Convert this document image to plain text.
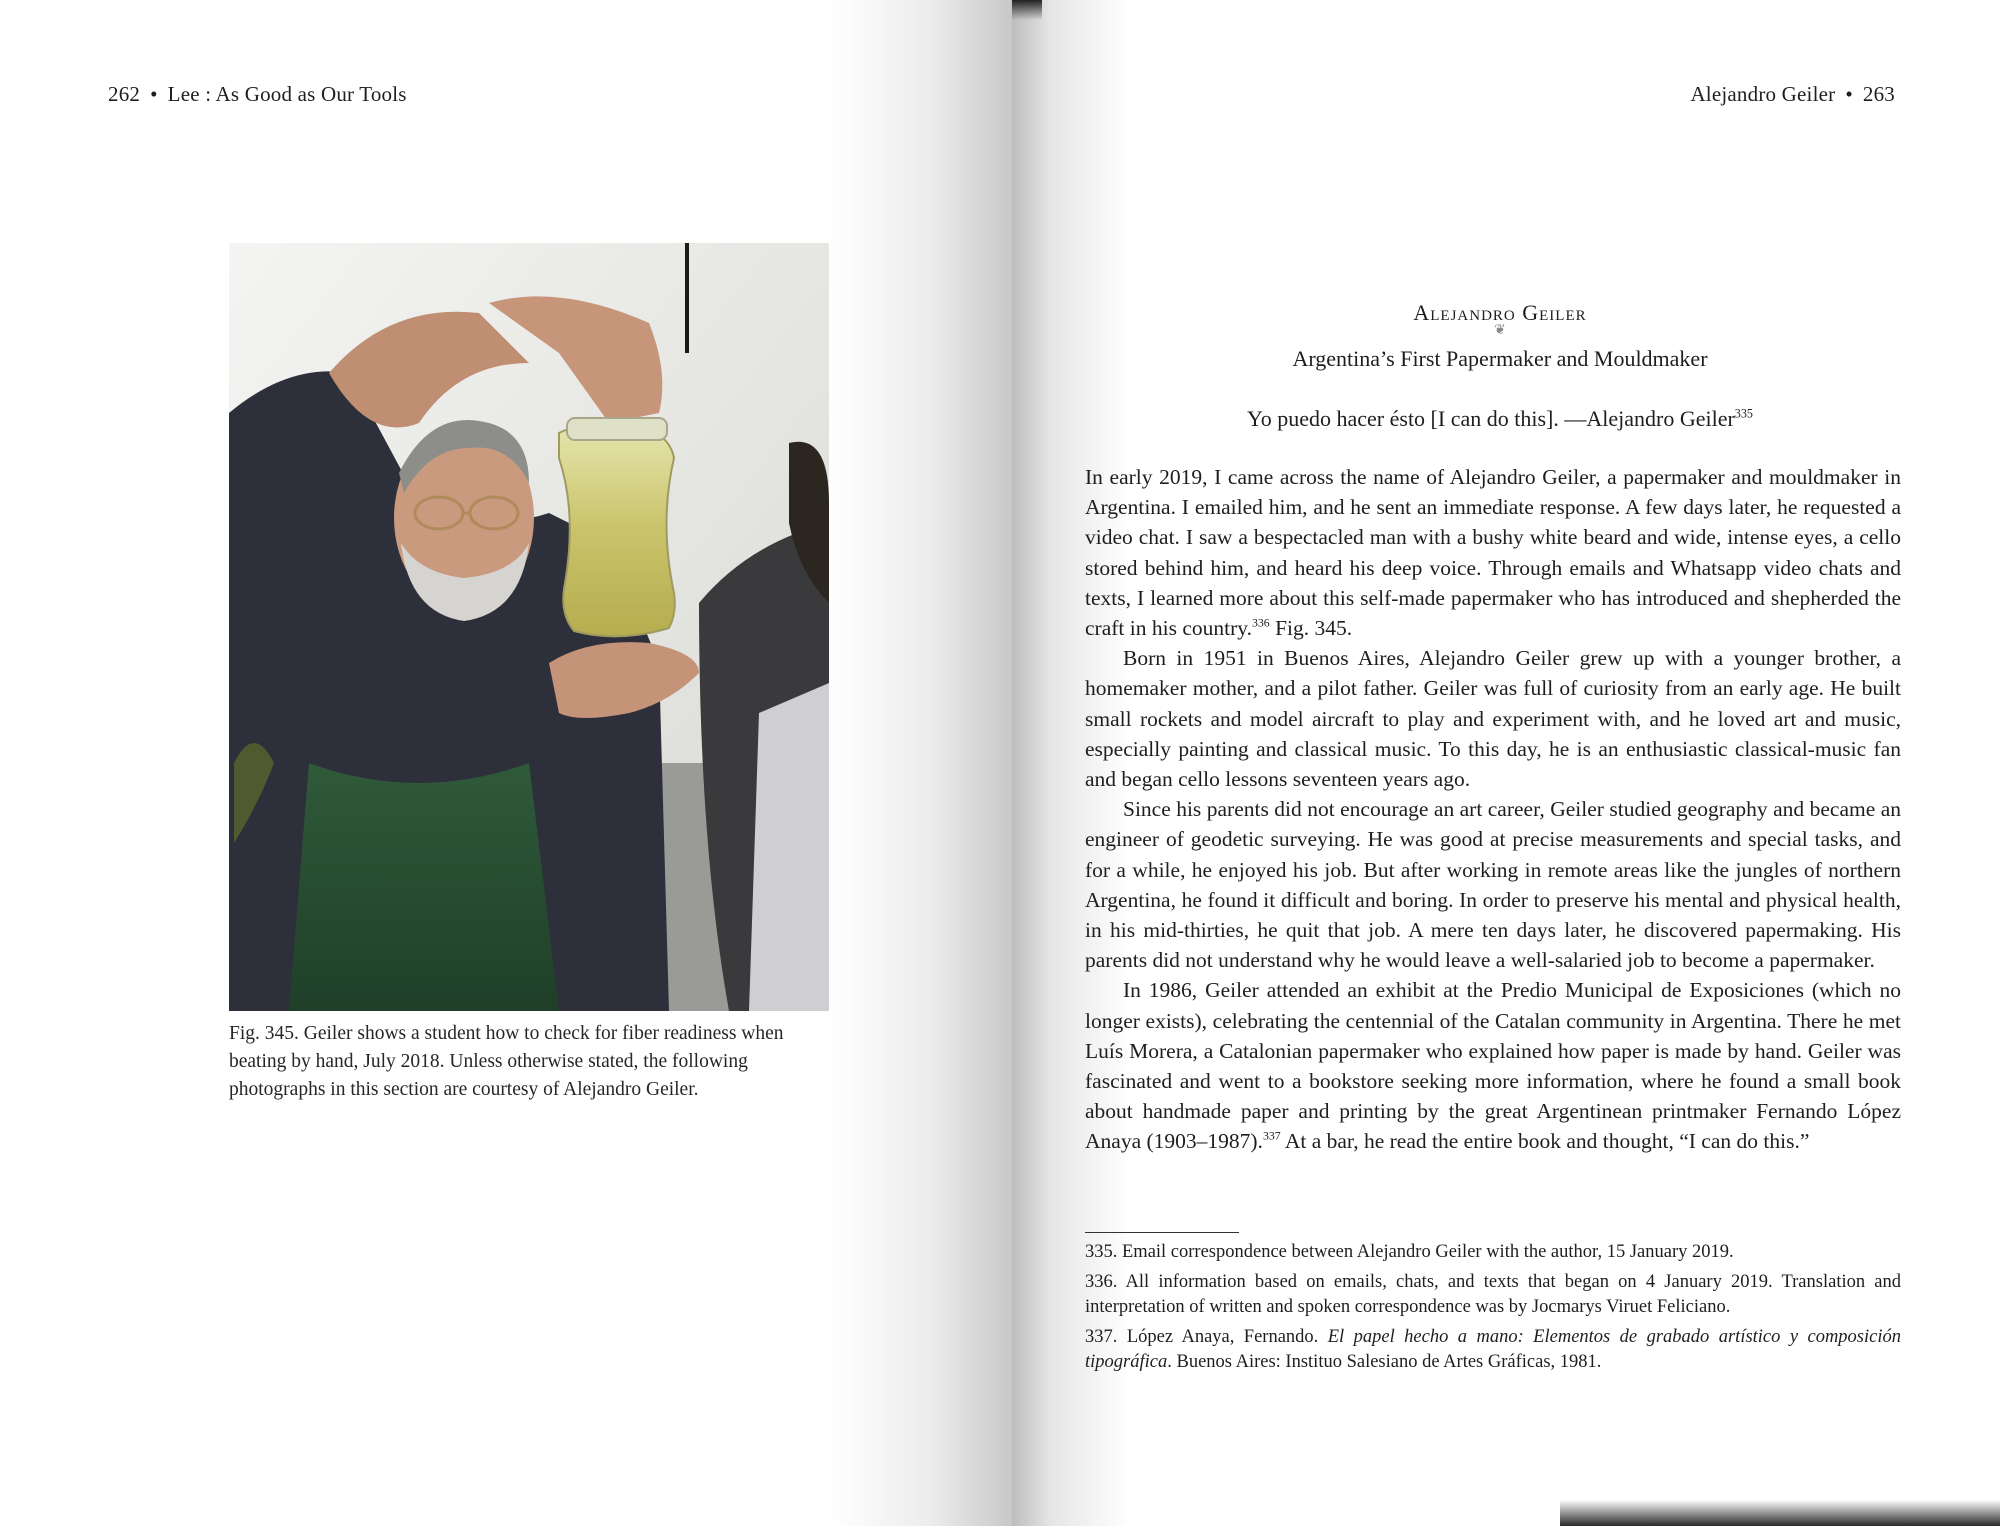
262 • Lee : As Good as Our Tools	Alejandro Geiler • 263
Fig. 345. Geiler shows a student how to check for fiber readiness when beating by hand, July 2018. Unless otherwise stated, the following photographs in this section are courtesy of Alejandro Geiler.
Alejandro Geiler
❦
Argentina’s First Papermaker and Mouldmaker
Yo puedo hacer ésto [I can do this]. —Alejandro Geiler$^{335}$

In early 2019, I came across the name of Alejandro Geiler, a papermaker and mouldmaker in Argentina. I emailed him, and he sent an immediate response. A few days later, he requested a video chat. I saw a bespectacled man with a bushy white beard and wide, intense eyes, a cello stored behind him, and heard his deep voice. Through emails and Whatsapp video chats and texts, I learned more about this self-made papermaker who has introduced and shepherded the craft in his country.$^{336}$ Fig. 345.

Born in 1951 in Buenos Aires, Alejandro Geiler grew up with a younger brother, a homemaker mother, and a pilot father. Geiler was full of curiosity from an early age. He built small rockets and model aircraft to play and experiment with, and he loved art and music, especially painting and classical music. To this day, he is an enthusiastic classical-music fan and began cello lessons seventeen years ago.

Since his parents did not encourage an art career, Geiler studied geography and became an engineer of geodetic surveying. He was good at precise measurements and special tasks, and for a while, he enjoyed his job. But after working in remote areas like the jungles of northern Argentina, he found it difficult and boring. In order to preserve his mental and physical health, in his mid-thirties, he quit that job. A mere ten days later, he discovered papermaking. His parents did not understand why he would leave a well-salaried job to become a papermaker.

In 1986, Geiler attended an exhibit at the Predio Municipal de Exposiciones (which no longer exists), celebrating the centennial of the Catalan community in Argentina. There he met Luís Morera, a Catalonian papermaker who explained how paper is made by hand. Geiler was fascinated and went to a bookstore seeking more information, where he found a small book about handmade paper and printing by the great Argentinean printmaker Fernando López Anaya (1903–1987).$^{337}$ At a bar, he read the entire book and thought, “I can do this.”

335. Email correspondence between Alejandro Geiler with the author, 15 January 2019.

336. All information based on emails, chats, and texts that began on 4 January 2019. Translation and interpretation of written and spoken correspondence was by Jocmarys Viruet Feliciano.

337. López Anaya, Fernando. El papel hecho a mano: Elementos de grabado artístico y composición tipográfica. Buenos Aires: Instituo Salesiano de Artes Gráficas, 1981.
